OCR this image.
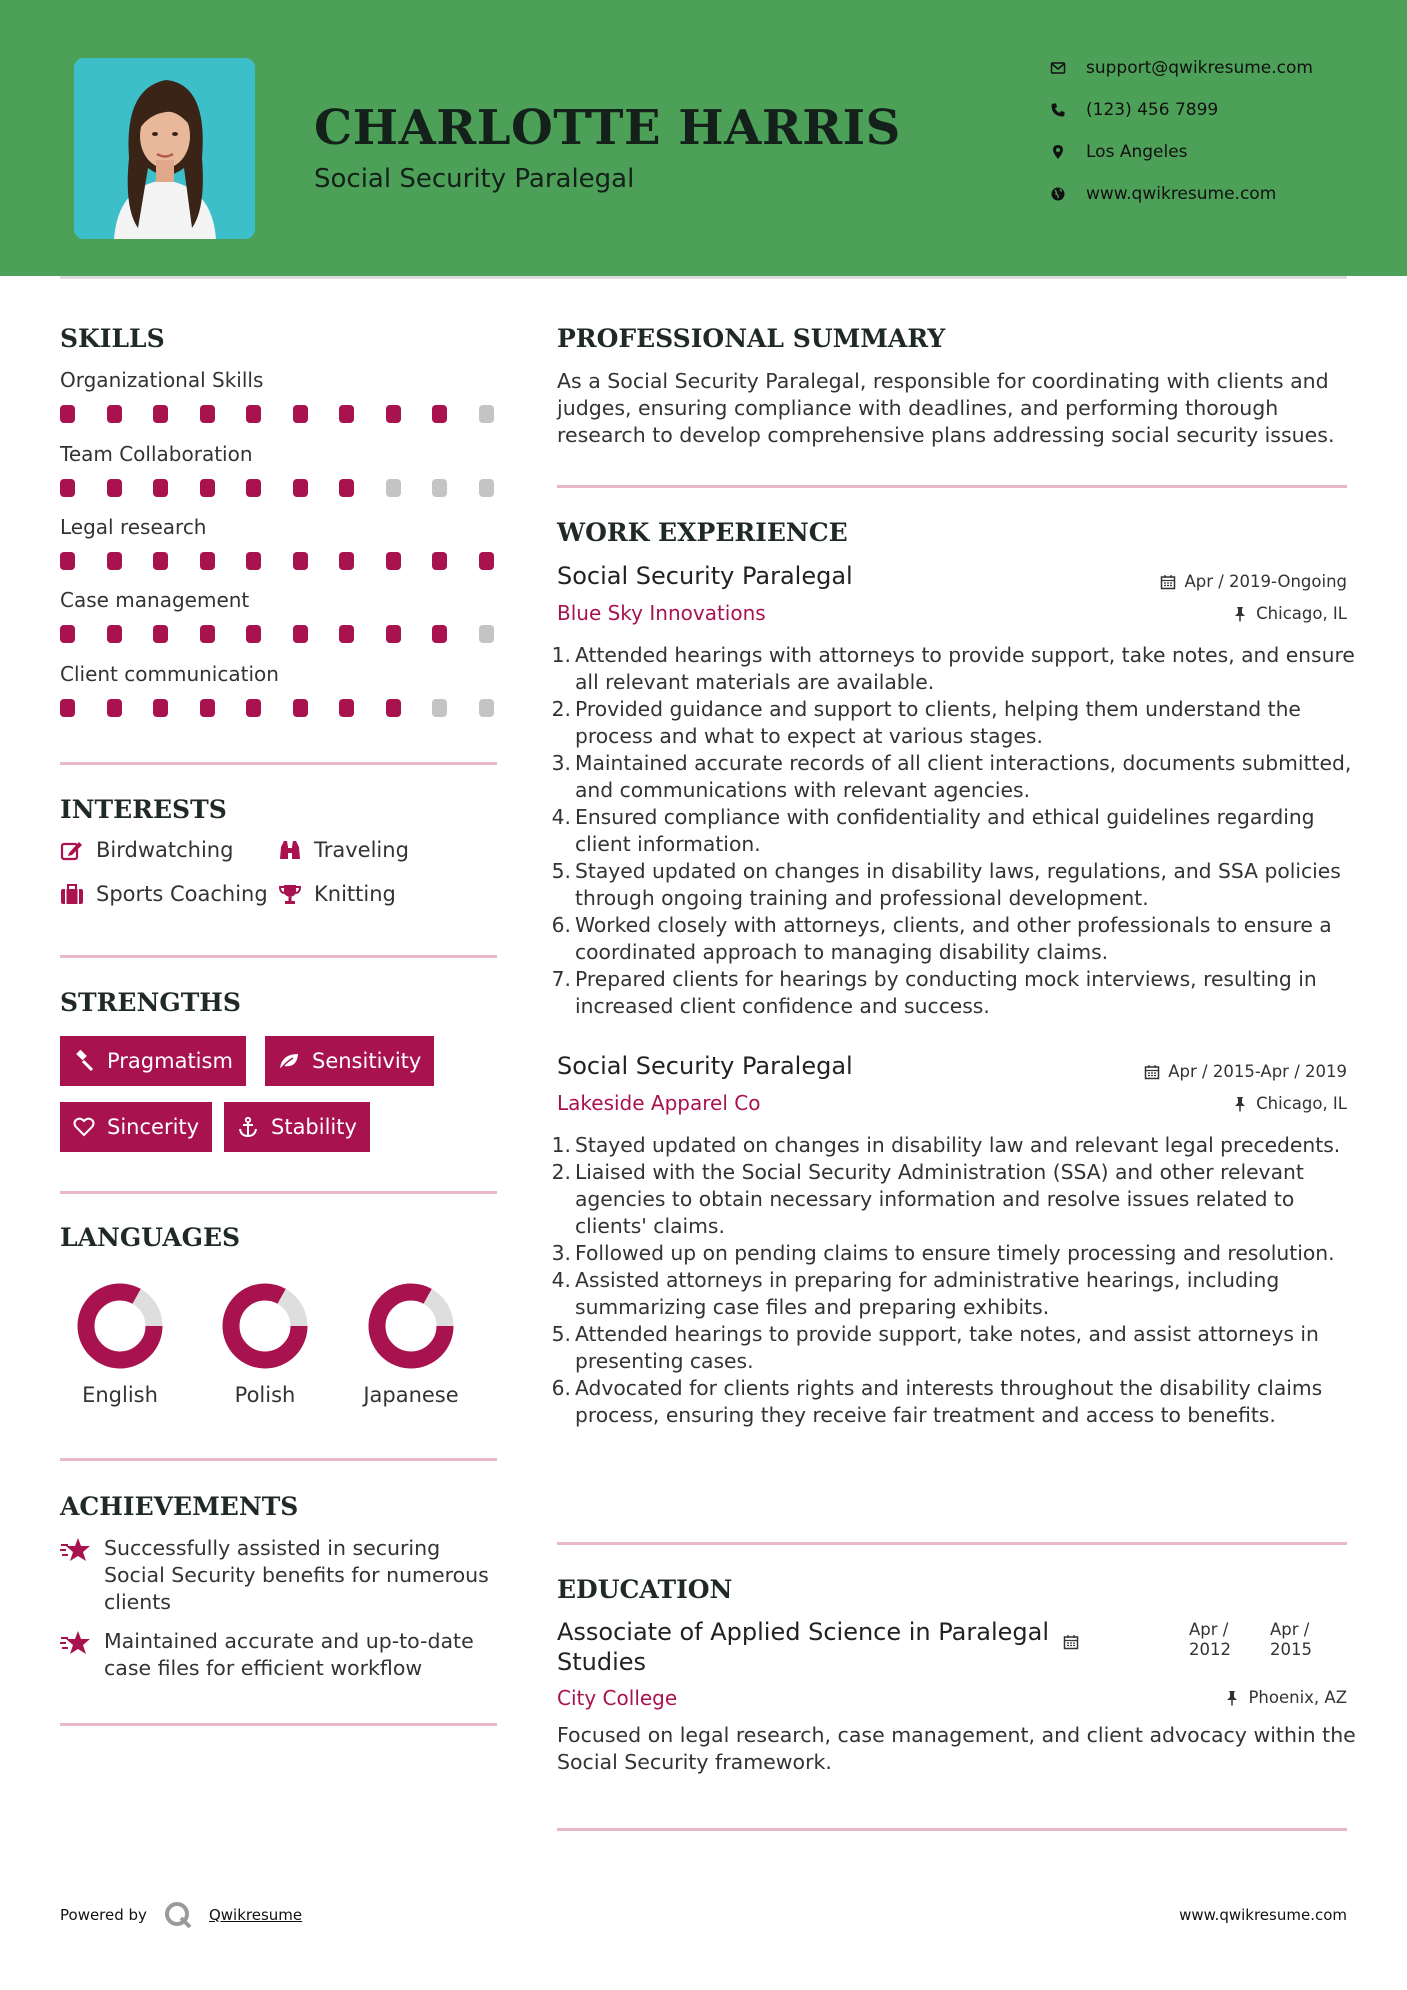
CHARLOTTE HARRIS
Social Security Paralegal
support@qwikresume.com
(123) 456 7899
Los Angeles
www.qwikresume.com
SKILLS
Organizational Skills
Team Collaboration
Legal research
Case management
Client communication
INTERESTS
Birdwatching	Traveling
Sports Coaching Knitting
STRENGTHS
Pragmatism	Sensitivity
Sincerity	Stability
LANGUAGES
English	Polish	Japanese
ACHIEVEMENTS
Successfully assisted in securing Social Security benefits for numerous clients
Maintained accurate and up-to-date case files for efficient workflow
PROFESSIONAL SUMMARY
As a Social Security Paralegal, responsible for coordinating with clients and judges, ensuring compliance with deadlines, and performing thorough research to develop comprehensive plans addressing social security issues.
WORK EXPERIENCE
Social Security Paralegal	Apr / 2019-Ongoing
Blue Sky Innovations	Chicago, IL
1. Attended hearings with attorneys to provide support, take notes, and ensure all relevant materials are available.
2. Provided guidance and support to clients, helping them understand the process and what to expect at various stages.
3. Maintained accurate records of all client interactions, documents submitted, and communications with relevant agencies.
4. Ensured compliance with confidentiality and ethical guidelines regarding client information.
5. Stayed updated on changes in disability laws, regulations, and SSA policies through ongoing training and professional development.
6. Worked closely with attorneys, clients, and other professionals to ensure a coordinated approach to managing disability claims.
7. Prepared clients for hearings by conducting mock interviews, resulting in increased client confidence and success.
Social Security Paralegal	Apr / 2015-Apr / 2019
Lakeside Apparel Co	Chicago, IL
1. Stayed updated on changes in disability law and relevant legal precedents.
2. Liaised with the Social Security Administration (SSA) and other relevant agencies to obtain necessary information and resolve issues related to clients' claims.
3. Followed up on pending claims to ensure timely processing and resolution.
4. Assisted attorneys in preparing for administrative hearings, including summarizing case files and preparing exhibits.
5. Attended hearings to provide support, take notes, and assist attorneys in presenting cases.
6. Advocated for clients rights and interests throughout the disability claims process, ensuring they receive fair treatment and access to benefits.
EDUCATION
Associate of Applied Science in Paralegal Studies
Apr / 2012
Apr / 2015
City College	Phoenix, AZ
Focused on legal research, case management, and client advocacy within the Social Security framework.
Powered by	Qwikresume	www.qwikresume.com
